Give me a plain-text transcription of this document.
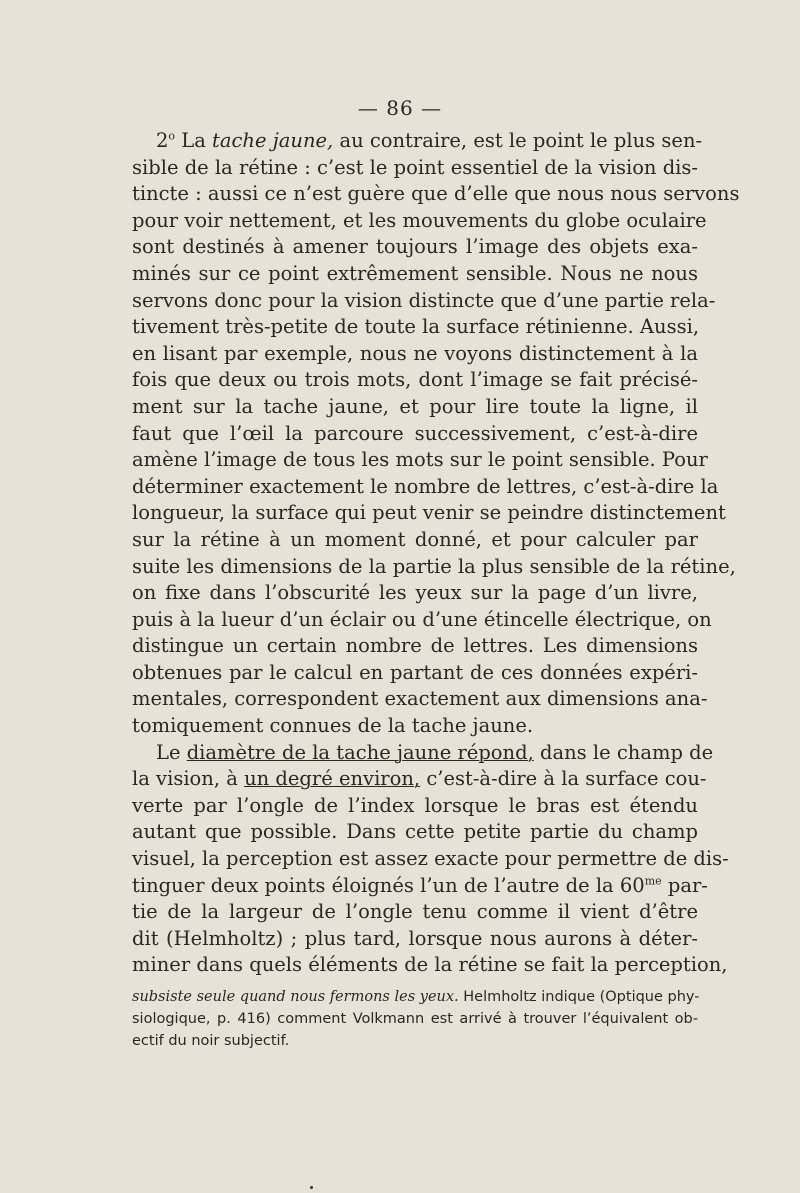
— 86 —
2$^o$ La tache jaune, au contraire, est le point le plus sen-
sible de la rétine : c’est le point essentiel de la vision dis-
tincte : aussi ce n’est guère que d’elle que nous nous servons
pour voir nettement, et les mouvements du globe oculaire
sont destinés à amener toujours l’image des objets exa-
minés sur ce point extrêmement sensible. Nous ne nous
servons donc pour la vision distincte que d’une partie rela-
tivement très-petite de toute la surface rétinienne. Aussi,
en lisant par exemple, nous ne voyons distinctement à la
fois que deux ou trois mots, dont l’image se fait précisé-
ment sur la tache jaune, et pour lire toute la ligne, il
faut que l’œil la parcoure successivement, c’est-à-dire
amène l’image de tous les mots sur le point sensible. Pour
déterminer exactement le nombre de lettres, c’est-à-dire la
longueur, la surface qui peut venir se peindre distinctement
sur la rétine à un moment donné, et pour calculer par
suite les dimensions de la partie la plus sensible de la rétine,
on fixe dans l’obscurité les yeux sur la page d’un livre,
puis à la lueur d’un éclair ou d’une étincelle électrique, on
distingue un certain nombre de lettres. Les dimensions
obtenues par le calcul en partant de ces données expéri-
mentales, correspondent exactement aux dimensions ana-
tomiquement connues de la tache jaune.
Le diamètre de la tache jaune répond, dans le champ de
la vision, à un degré environ, c’est-à-dire à la surface cou-
verte par l’ongle de l’index lorsque le bras est étendu
autant que possible. Dans cette petite partie du champ
visuel, la perception est assez exacte pour permettre de dis-
tinguer deux points éloignés l’un de l’autre de la $60^{me}$ par-
tie de la largeur de l’ongle tenu comme il vient d’être
dit (Helmholtz) ; plus tard, lorsque nous aurons à déter-
miner dans quels éléments de la rétine se fait la perception,
subsiste seule quand nous fermons les yeux. Helmholtz indique (Optique phy-
siologique, p. 416) comment Volkmann est arrivé à trouver l’équivalent ob-
ectif du noir subjectif.
